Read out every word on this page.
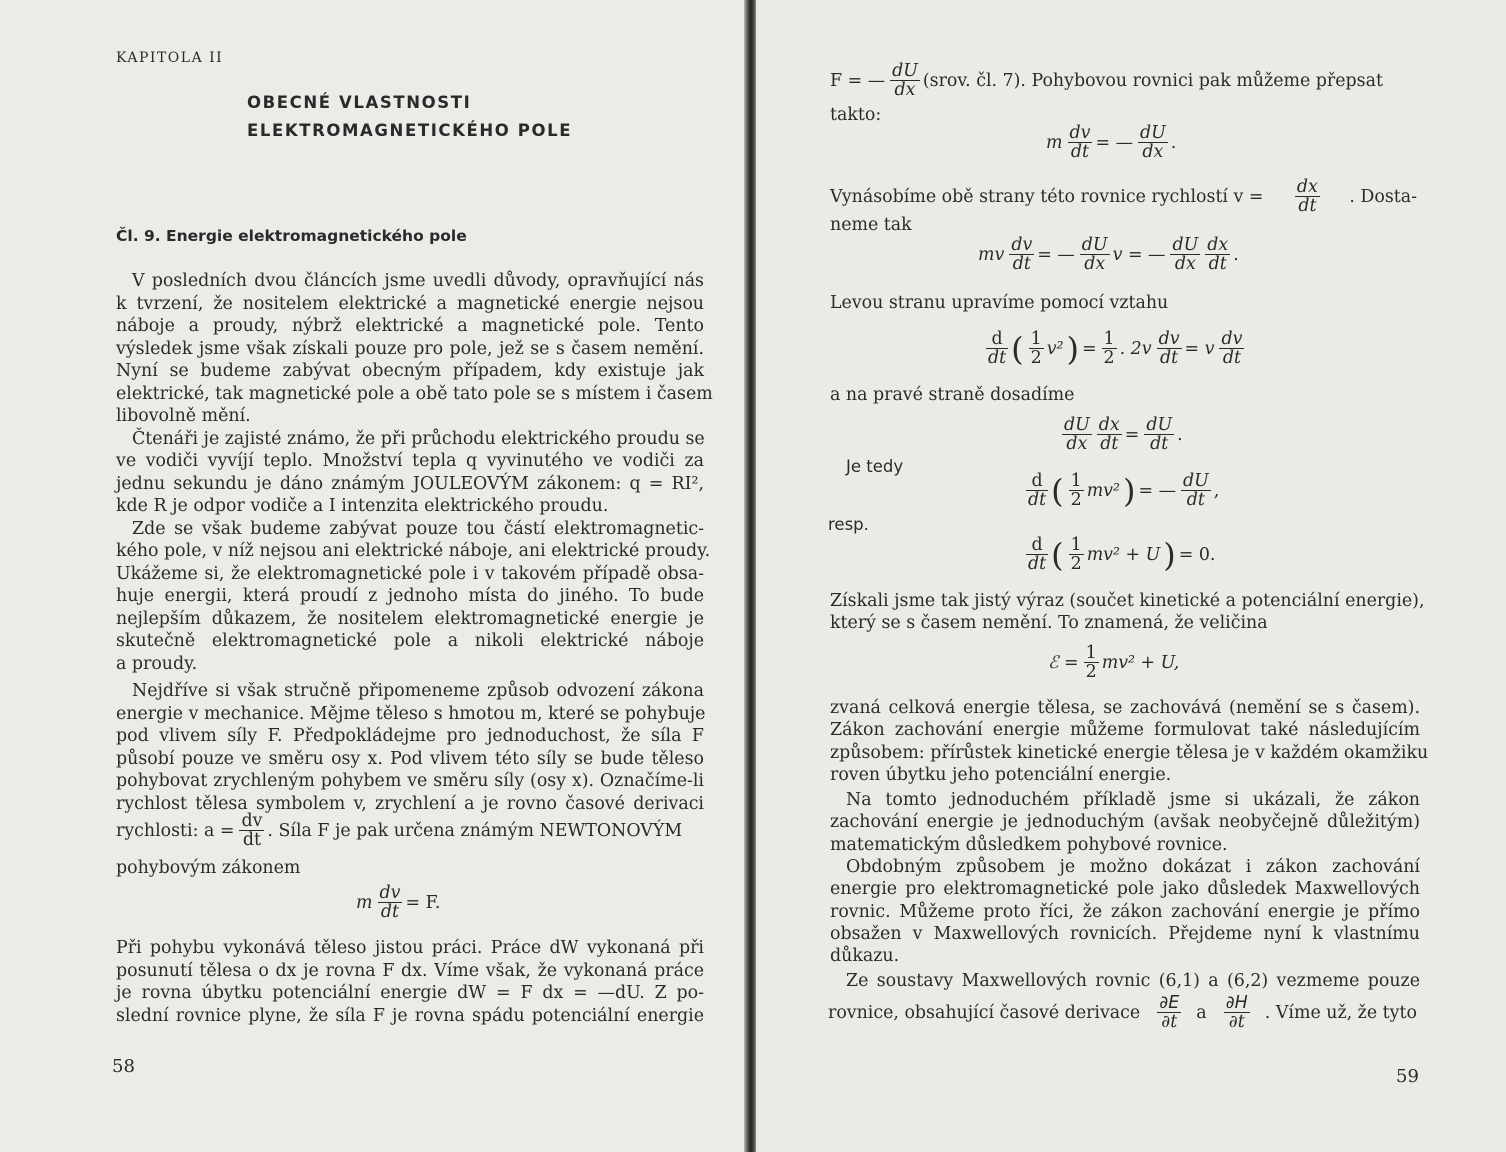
KAPITOLA II
OBECNÉ VLASTNOSTI
ELEKTROMAGNETICKÉHO POLE
Čl. 9. Energie elektromagnetického pole
V posledních dvou článcích jsme uvedli důvody, opravňující nás
k tvrzení, že nositelem elektrické a magnetické energie nejsou
náboje a proudy, nýbrž elektrické a magnetické pole. Tento
výsledek jsme však získali pouze pro pole, jež se s časem nemění.
Nyní se budeme zabývat obecným případem, kdy existuje jak
elektrické, tak magnetické pole a obě tato pole se s místem i časem
libovolně mění.
Čtenáři je zajisté známo, že při průchodu elektrického proudu se
ve vodiči vyvíjí teplo. Množství tepla q vyvinutého ve vodiči za
jednu sekundu je dáno známým JOULEOVÝM zákonem: q = RI²,
kde R je odpor vodiče a I intenzita elektrického proudu.
Zde se však budeme zabývat pouze tou částí elektromagnetic-
kého pole, v níž nejsou ani elektrické náboje, ani elektrické proudy.
Ukážeme si, že elektromagnetické pole i v takovém případě obsa-
huje energii, která proudí z jednoho místa do jiného. To bude
nejlepším důkazem, že nositelem elektromagnetické energie je
skutečně elektromagnetické pole a nikoli elektrické náboje
a proudy.
Nejdříve si však stručně připomeneme způsob odvození zákona
energie v mechanice. Mějme těleso s hmotou m, které se pohybuje
pod vlivem síly F. Předpokládejme pro jednoduchost, že síla F
působí pouze ve směru osy x. Pod vlivem této síly se bude těleso
pohybovat zrychleným pohybem ve směru síly (osy x). Označíme-li
rychlost tělesa symbolem v, zrychlení a je rovno časové derivaci
rychlosti: $a = \frac{dv}{dt}$ . Síla F je pak určena známým NEWTONOVÝM
pohybovým zákonem
m $\frac{dv}{dt} = F$.
Při pohybu vykonává těleso jistou práci. Práce dW vykonaná při
posunutí tělesa o dx je rovna F dx. Víme však, že vykonaná práce
je rovna úbytku potenciální energie dW = F dx = —dU. Z po-
slední rovnice plyne, že síla F je rovna spádu potenciální energie
58
F = — $\frac{dU}{dx}$ (srov. čl. 7). Pohybovou rovnici pak můžeme přepsat
takto:
m $\frac{dv}{dt}$ = — $\frac{dU}{dx}$ .
Vynásobíme obě strany této rovnice rychlostí $v = \frac{dx}{dt}$ . Dosta-
neme tak
mv $\frac{dv}{dt}$ = — $\frac{dU}{dx}$ v = — $\frac{dU}{dx} \frac{dx}{dt}$ .
Levou stranu upravíme pomocí vztahu
$\frac{d}{dt}$ ( $\frac{1}{2} v^2$ ) = $\frac{1}{2}$ . $2v \frac{dv}{dt} = v \frac{dv}{dt}$
a na pravé straně dosadíme
$\frac{dU}{dx} \frac{dx}{dt} = \frac{dU}{dt}$ .
Je tedy
$\frac{d}{dt}$ ( $\frac{1}{2} mv^2$ ) = — $\frac{dU}{dt}$ ,
resp.
$\frac{d}{dt}$ ( $\frac{1}{2} mv^2 + U$ ) = 0.
Získali jsme tak jistý výraz (součet kinetické a potenciální energie),
který se s časem nemění. To znamená, že veličina
ℰ = $\frac{1}{2} mv^2 + U$,
zvaná celková energie tělesa, se zachovává (nemění se s časem).
Zákon zachování energie můžeme formulovat také následujícím
způsobem: přírůstek kinetické energie tělesa je v každém okamžiku
roven úbytku jeho potenciální energie.
Na tomto jednoduchém příkladě jsme si ukázali, že zákon
zachování energie je jednoduchým (avšak neobyčejně důležitým)
matematickým důsledkem pohybové rovnice.
Obdobným způsobem je možno dokázat i zákon zachování
energie pro elektromagnetické pole jako důsledek Maxwellových
rovnic. Můžeme proto říci, že zákon zachování energie je přímo
obsažen v Maxwellových rovnicích. Přejdeme nyní k vlastnímu
důkazu.
Ze soustavy Maxwellových rovnic (6,1) a (6,2) vezmeme pouze
rovnice, obsahující časové derivace $\frac{\partial E}{\partial t}$ a $\frac{\partial H}{\partial t}$ . Víme už, že tyto
59
